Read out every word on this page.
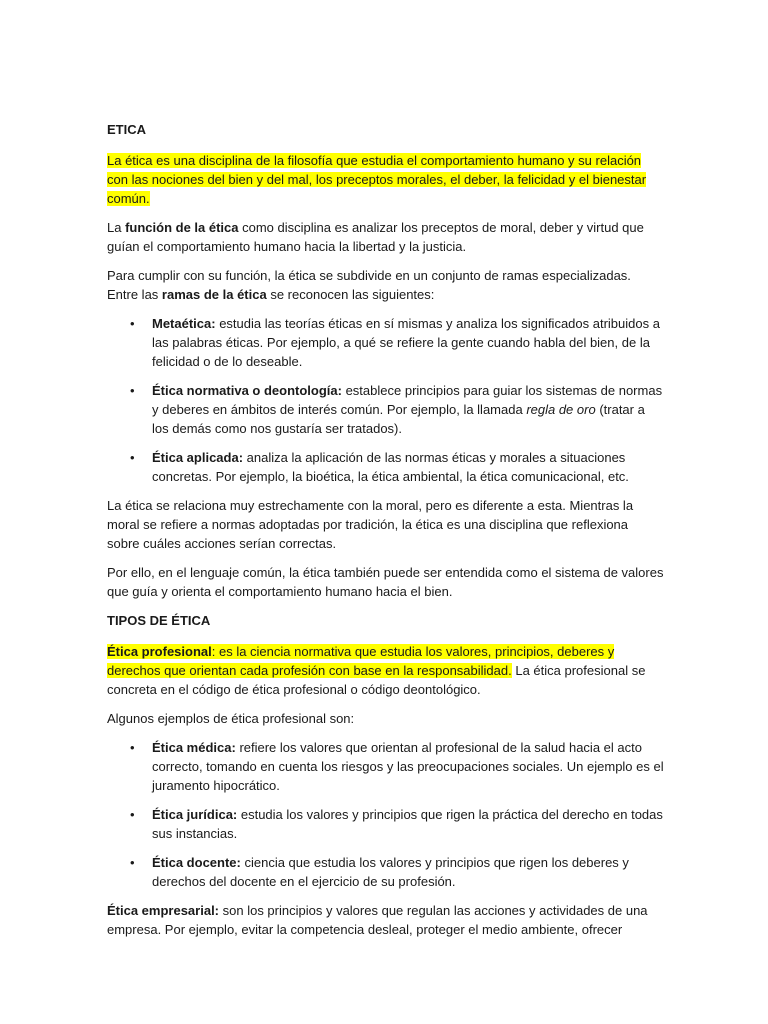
ETICA

La ética es una disciplina de la filosofía que estudia el comportamiento humano y su relación con las nociones del bien y del mal, los preceptos morales, el deber, la felicidad y el bienestar común.

La función de la ética como disciplina es analizar los preceptos de moral, deber y virtud que guían el comportamiento humano hacia la libertad y la justicia.

Para cumplir con su función, la ética se subdivide en un conjunto de ramas especializadas. Entre las ramas de la ética se reconocen las siguientes:

• Metaética: estudia las teorías éticas en sí mismas y analiza los significados atribuidos a las palabras éticas. Por ejemplo, a qué se refiere la gente cuando habla del bien, de la felicidad o de lo deseable.
• Ética normativa o deontología: establece principios para guiar los sistemas de normas y deberes en ámbitos de interés común. Por ejemplo, la llamada regla de oro (tratar a los demás como nos gustaría ser tratados).
• Ética aplicada: analiza la aplicación de las normas éticas y morales a situaciones concretas. Por ejemplo, la bioética, la ética ambiental, la ética comunicacional, etc.

La ética se relaciona muy estrechamente con la moral, pero es diferente a esta. Mientras la moral se refiere a normas adoptadas por tradición, la ética es una disciplina que reflexiona sobre cuáles acciones serían correctas.

Por ello, en el lenguaje común, la ética también puede ser entendida como el sistema de valores que guía y orienta el comportamiento humano hacia el bien.

TIPOS DE ÉTICA

Ética profesional: es la ciencia normativa que estudia los valores, principios, deberes y derechos que orientan cada profesión con base en la responsabilidad. La ética profesional se concreta en el código de ética profesional o código deontológico.

Algunos ejemplos de ética profesional son:

• Ética médica: refiere los valores que orientan al profesional de la salud hacia el acto correcto, tomando en cuenta los riesgos y las preocupaciones sociales. Un ejemplo es el juramento hipocrático.
• Ética jurídica: estudia los valores y principios que rigen la práctica del derecho en todas sus instancias.
• Ética docente: ciencia que estudia los valores y principios que rigen los deberes y derechos del docente en el ejercicio de su profesión.

Ética empresarial: son los principios y valores que regulan las acciones y actividades de una empresa. Por ejemplo, evitar la competencia desleal, proteger el medio ambiente, ofrecer
